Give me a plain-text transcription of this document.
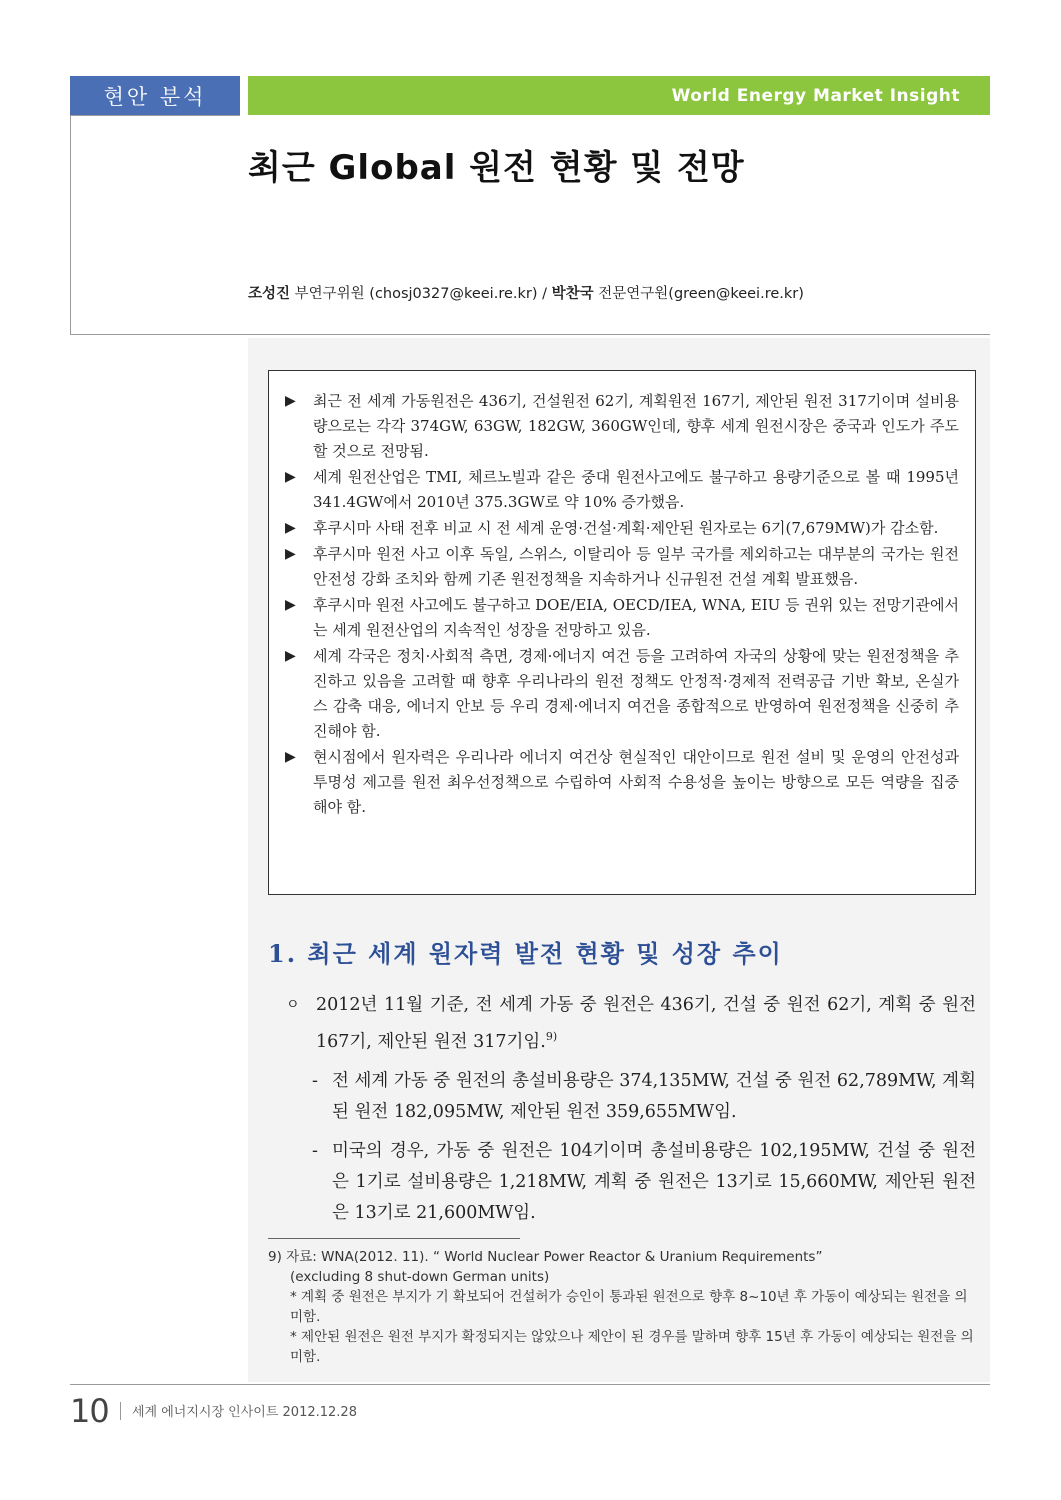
현안 분석	World Energy Market Insight
최근 Global 원전 현황 및 전망
조성진 부연구위원 (chosj0327@keei.re.kr) / 박찬국 전문연구원(green@keei.re.kr)
▶	최근 전 세계 가동원전은 436기, 건설원전 62기, 계획원전 167기, 제안된 원전 317기이며 설비용량으로는 각각 374GW, 63GW, 182GW, 360GW인데, 향후 세계 원전시장은 중국과 인도가 주도할 것으로 전망됨.
▶	세계 원전산업은 TMI, 체르노빌과 같은 중대 원전사고에도 불구하고 용량기준으로 볼 때 1995년 341.4GW에서 2010년 375.3GW로 약 10% 증가했음.
▶	후쿠시마 사태 전후 비교 시 전 세계 운영·건설·계획·제안된 원자로는 6기(7,679MW)가 감소함.
▶	후쿠시마 원전 사고 이후 독일, 스위스, 이탈리아 등 일부 국가를 제외하고는 대부분의 국가는 원전 안전성 강화 조치와 함께 기존 원전정책을 지속하거나 신규원전 건설 계획 발표했음.
▶	후쿠시마 원전 사고에도 불구하고 DOE/EIA, OECD/IEA, WNA, EIU 등 권위 있는 전망기관에서는 세계 원전산업의 지속적인 성장을 전망하고 있음.
▶	세계 각국은 정치·사회적 측면, 경제·에너지 여건 등을 고려하여 자국의 상황에 맞는 원전정책을 추진하고 있음을 고려할 때 향후 우리나라의 원전 정책도 안정적·경제적 전력공급 기반 확보, 온실가스 감축 대응, 에너지 안보 등 우리 경제·에너지 여건을 종합적으로 반영하여 원전정책을 신중히 추진해야 함.
▶	현시점에서 원자력은 우리나라 에너지 여건상 현실적인 대안이므로 원전 설비 및 운영의 안전성과 투명성 제고를 원전 최우선정책으로 수립하여 사회적 수용성을 높이는 방향으로 모든 역량을 집중해야 함.
1. 최근 세계 원자력 발전 현황 및 성장 추이
ㅇ 2012년 11월 기준, 전 세계 가동 중 원전은 436기, 건설 중 원전 62기, 계획 중 원전 167기, 제안된 원전 317기임.$^{9)}$
- 전 세계 가동 중 원전의 총설비용량은 374,135MW, 건설 중 원전 62,789MW, 계획된 원전 182,095MW, 제안된 원전 359,655MW임.
- 미국의 경우, 가동 중 원전은 104기이며 총설비용량은 102,195MW, 건설 중 원전은 1기로 설비용량은 1,218MW, 계획 중 원전은 13기로 15,660MW, 제안된 원전은 13기로 21,600MW임.

9) 자료: WNA(2012. 11). “ World Nuclear Power Reactor & Uranium Requirements”

(excluding 8 shut-down German units)

* 계획 중 원전은 부지가 기 확보되어 건설허가 승인이 통과된 원전으로 향후 8~10년 후 가동이 예상되는 원전을 의미함.

* 제안된 원전은 원전 부지가 확정되지는 않았으나 제안이 된 경우를 말하며 향후 15년 후 가동이 예상되는 원전을 의미함.

10 세계 에너지시장 인사이트 2012.12.28
